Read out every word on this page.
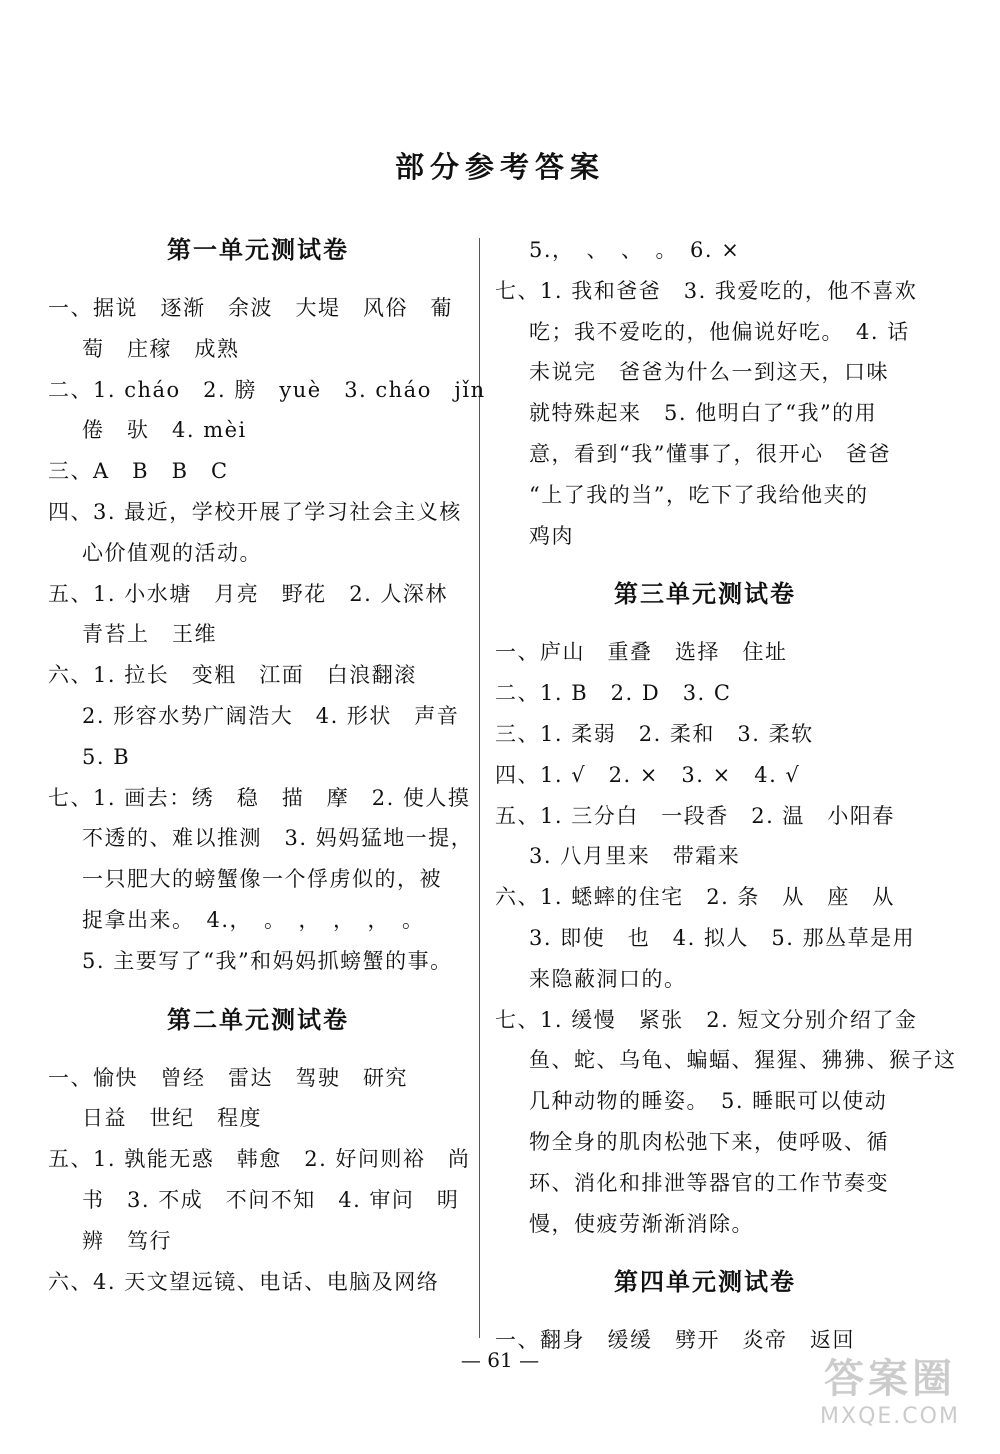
部分参考答案
第一单元测试卷
一、据说　逐渐　余波　大堤　风俗　葡
萄　庄稼　成熟
二、1. cháo　2. 膀　yuè　3. cháo　jǐn
倦　驮　4. mèi
三、A　B　B　C
四、3. 最近，学校开展了学习社会主义核
心价值观的活动。
五、1. 小水塘　月亮　野花　2. 人深林
青苔上　王维
六、1. 拉长　变粗　江面　白浪翻滚
2. 形容水势广阔浩大　4. 形状　声音
5. B
七、1. 画去：绣　稳　描　摩　2. 使人摸
不透的、难以推测　3. 妈妈猛地一提，
一只肥大的螃蟹像一个俘虏似的，被
捉拿出来。　4.，　。　，　，　，　。
5. 主要写了“我”和妈妈抓螃蟹的事。
第二单元测试卷
一、愉快　曾经　雷达　驾驶　研究
日益　世纪　程度
五、1. 孰能无惑　韩愈　2. 好问则裕　尚
书　3. 不成　不问不知　4. 审问　明
辨　笃行
六、4. 天文望远镜、电话、电脑及网络
5.，　、　、　。　6. ×
七、1. 我和爸爸　3. 我爱吃的，他不喜欢
吃；我不爱吃的，他偏说好吃。　4. 话
未说完　爸爸为什么一到这天，口味
就特殊起来　5. 他明白了“我”的用
意，看到“我”懂事了，很开心　爸爸
“上了我的当”，吃下了我给他夹的
鸡肉
第三单元测试卷
一、庐山　重叠　选择　住址
二、1. B　2. D　3. C
三、1. 柔弱　2. 柔和　3. 柔软
四、1. √　2. ×　3. ×　4. √
五、1. 三分白　一段香　2. 温　小阳春
3. 八月里来　带霜来
六、1. 蟋蟀的住宅　2. 条　从　座　从
3. 即使　也　4. 拟人　5. 那丛草是用
来隐蔽洞口的。
七、1. 缓慢　紧张　2. 短文分别介绍了金
鱼、蛇、乌龟、蝙蝠、猩猩、狒狒、猴子这
几种动物的睡姿。　5. 睡眠可以使动
物全身的肌肉松弛下来，使呼吸、循
环、消化和排泄等器官的工作节奏变
慢，使疲劳渐渐消除。
第四单元测试卷
一、翻身　缓缓　劈开　炎帝　返回
— 61 —	答案圈
MXQE.COM
